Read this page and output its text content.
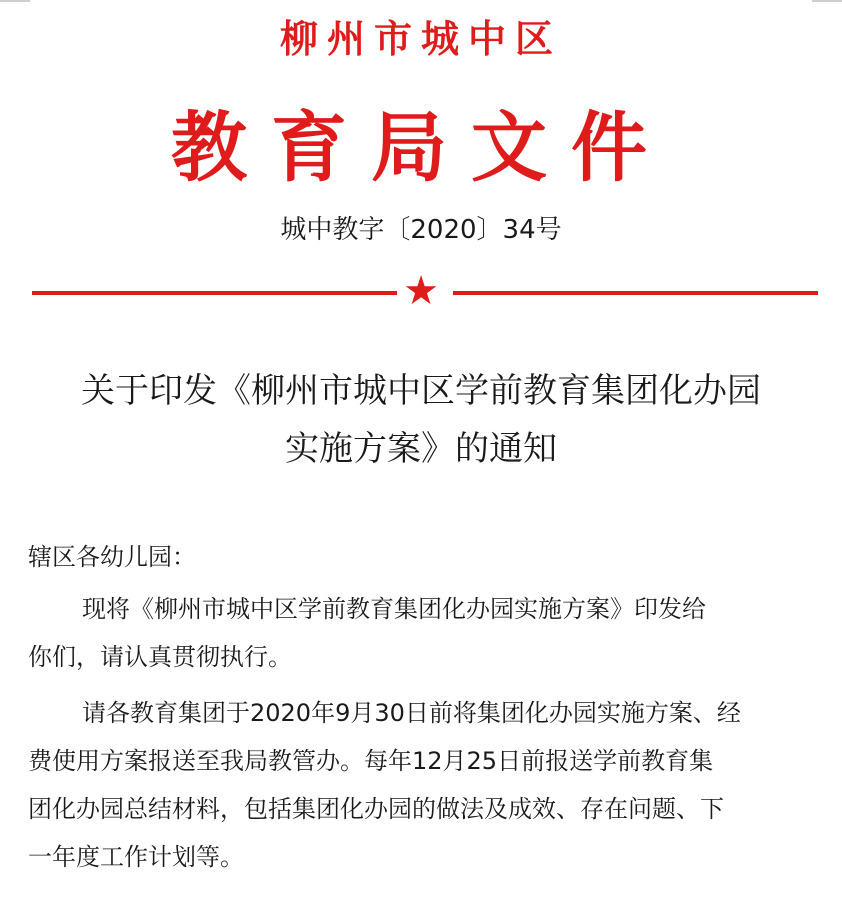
柳州市城中区
教育局文件
城中教字〔2020〕34号
★
关于印发《柳州市城中区学前教育集团化办园
实施方案》的通知
辖区各幼儿园：
现将《柳州市城中区学前教育集团化办园实施方案》印发给
你们，请认真贯彻执行。
请各教育集团于2020年9月30日前将集团化办园实施方案、经
费使用方案报送至我局教管办。每年12月25日前报送学前教育集
团化办园总结材料，包括集团化办园的做法及成效、存在问题、下
一年度工作计划等。
